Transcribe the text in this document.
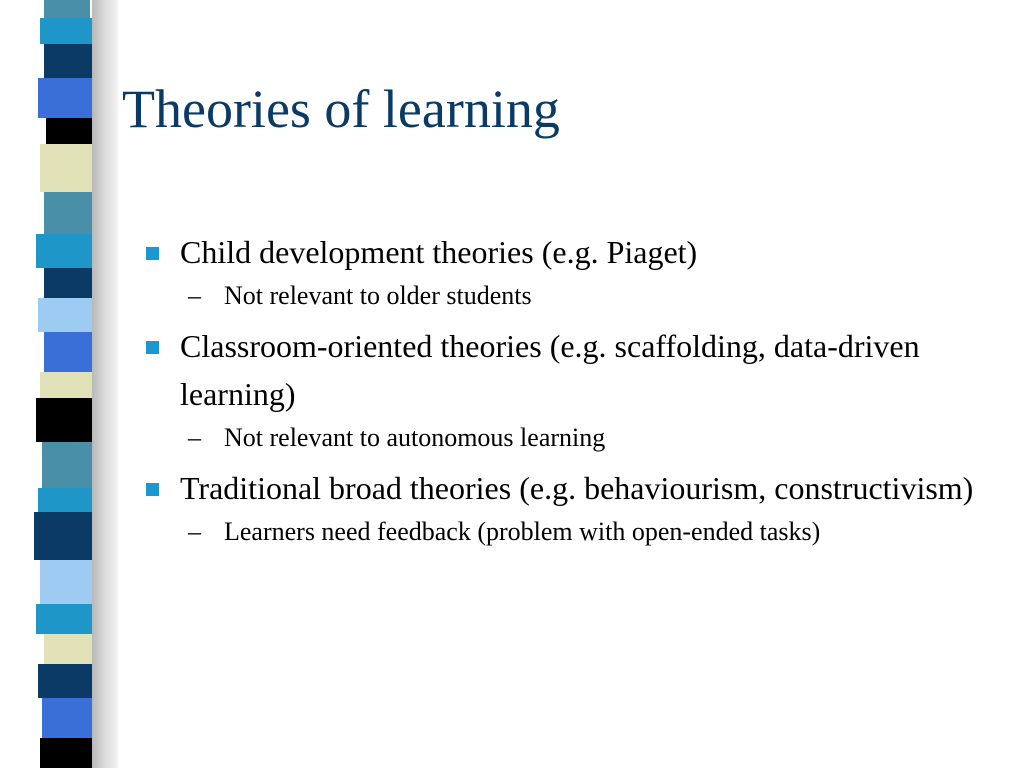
Theories of learning
Child development theories (e.g. Piaget)
– Not relevant to older students
Classroom-oriented theories (e.g. scaffolding, data-driven learning)
– Not relevant to autonomous learning
Traditional broad theories (e.g. behaviourism, constructivism)
– Learners need feedback (problem with open-ended tasks)
